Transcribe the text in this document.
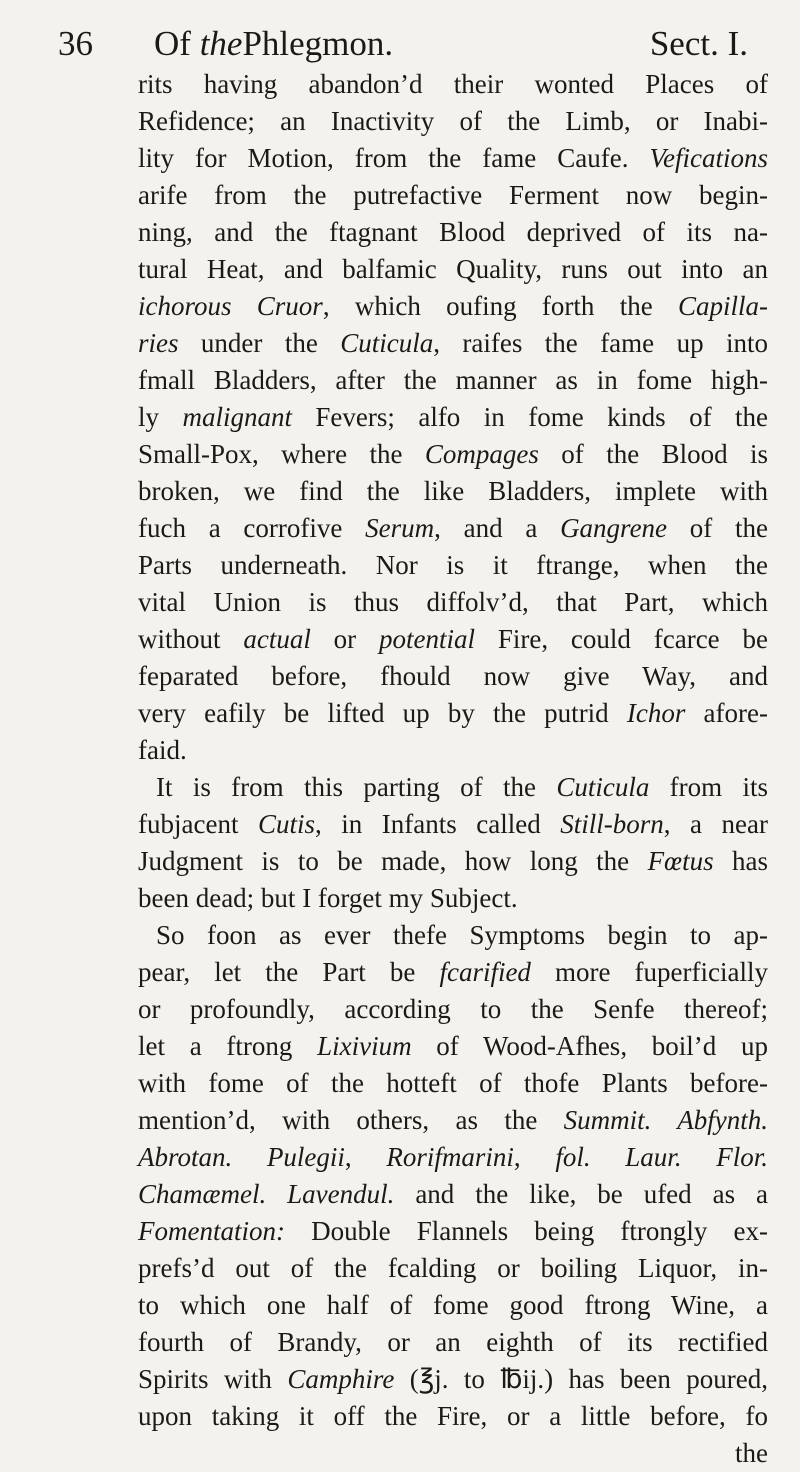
36 Of thePhlegmon.	Sect. I.
rits having abandon’d their wonted Places of
Refidence; an Inactivity of the Limb, or Inabi-
lity for Motion, from the fame Caufe. Vefications
arife from the putrefactive Ferment now begin-
ning, and the ftagnant Blood deprived of its na-
tural Heat, and balfamic Quality, runs out into an
ichorous Cruor, which oufing forth the Capilla-
ries under the Cuticula, raifes the fame up into
fmall Bladders, after the manner as in fome high-
ly malignant Fevers; alfo in fome kinds of the
Small-Pox, where the Compages of the Blood is
broken, we find the like Bladders, implete with
fuch a corrofive Serum, and a Gangrene of the
Parts underneath. Nor is it ftrange, when the
vital Union is thus diffolv’d, that Part, which
without actual or potential Fire, could fcarce be
feparated before, fhould now give Way, and
very eafily be lifted up by the putrid Ichor afore-
faid.
It is from this parting of the Cuticula from its
fubjacent Cutis, in Infants called Still-born, a near
Judgment is to be made, how long the Fœtus has
been dead; but I forget my Subject.
So foon as ever thefe Symptoms begin to ap-
pear, let the Part be fcarified more fuperficially
or profoundly, according to the Senfe thereof;
let a ftrong Lixivium of Wood-Afhes, boil’d up
with fome of the hotteft of thofe Plants before-
mention’d, with others, as the Summit. Abfynth.
Abrotan. Pulegii, Rorifmarini, fol. Laur. Flor.
Chamæmel. Lavendul. and the like, be ufed as a
Fomentation: Double Flannels being ftrongly ex-
prefs’d out of the fcalding or boiling Liquor, in-
to which one half of fome good ftrong Wine, a
fourth of Brandy, or an eighth of its rectified
Spirits with Camphire (℥j. to ℔ij.) has been poured,
upon taking it off the Fire, or a little before, fo
the
